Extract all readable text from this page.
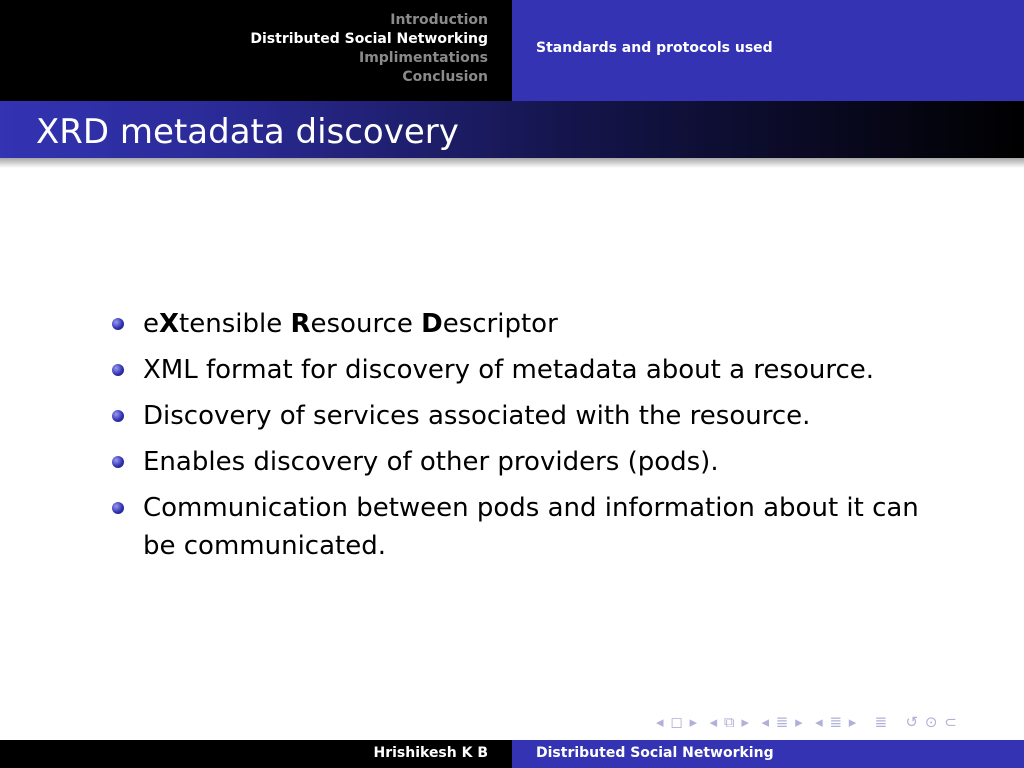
Introduction
Distributed Social Networking
Implimentations
Conclusion
Standards and protocols used
XRD metadata discovery
eXtensible Resource Descriptor
XML format for discovery of metadata about a resource.
Discovery of services associated with the resource.
Enables discovery of other providers (pods).
Communication between pods and information about it can be communicated.
◂ ◻ ▸ ◂ ⧉ ▸ ◂ ≣ ▸ ◂ ≣ ▸ ≣ ↺ ⊙ ⊂
Hrishikesh K B	Distributed Social Networking
